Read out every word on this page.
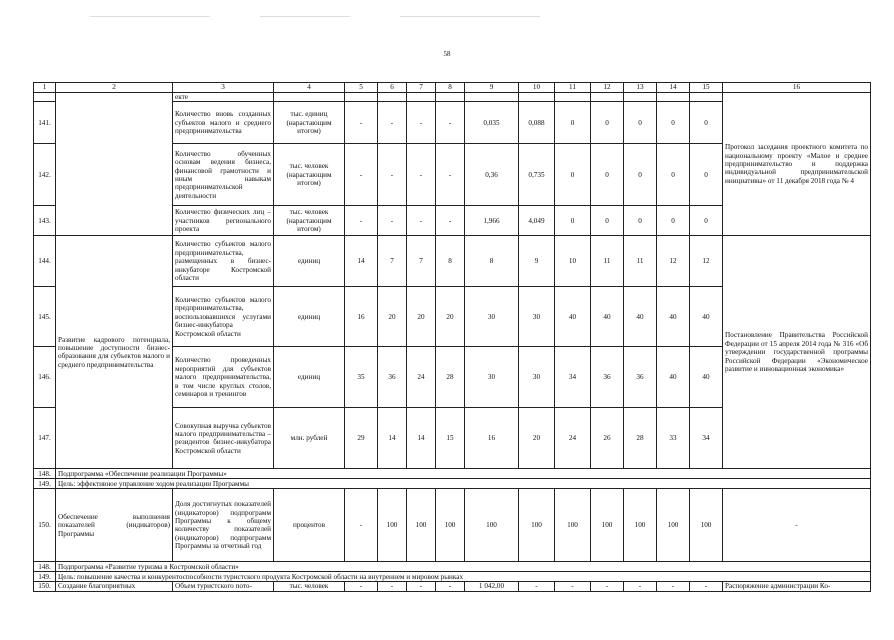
58
1	2	3	4	5	6	7	8	9	10	11	12	13	14	15	16
		екте													Протокол заседания проектного комитета по национальному проекту «Малое и среднее предпринимательство и поддержка индивидуальной предпринимательской инициативы» от 11 декабря 2018 года № 4
141.		Количество вновь созданных субъектов малого и среднего предпринимательства	тыс. единиц (нарастающим итогом)	-	-	-	-	0,035	0,088	0	0	0	0	0	
142.		Количество обученных основам ведения бизнеса, финансовой грамотности и иным навыкам предпринимательской деятельности	тыс. человек (нарастающим итогом)	-	-	-	-	0,36	0,735	0	0	0	0	0	
143.		Количество физических лиц – участников регионального проекта	тыс. человек (нарастающим итогом)	-	-	-	-	1,966	4,049	0	0	0	0	0	
144.	Развитие кадрового потенциала, повышение доступности бизнес-образования для субъектов малого и среднего предпринимательства	Количество субъектов малого предпринимательства, размещенных в бизнес-инкубаторе Костромской области	единиц	14	7	7	8	8	9	10	11	11	12	12	Постановление Правительства Российской Федерации от 15 апреля 2014 года № 316 «Об утверждении государственной программы Российской Федерации «Экономическое развитие и инновационная экономика»
145.		Количество субъектов малого предпринимательства, воспользовавшихся услугами бизнес-инкубатора Костромской области	единиц	16	20	20	20	30	30	40	40	40	40	40	
146.		Количество проведенных мероприятий для субъектов малого предпринимательства, в том числе круглых столов, семинаров и тренингов	единиц	35	36	24	28	30	30	34	36	36	40	40	
147.		Совокупная выручка субъектов малого предпринимательства – резидентов бизнес-инкубатора Костромской области	млн. рублей	29	14	14	15	16	20	24	26	28	33	34	
148.	Подпрограмма «Обеспечение реализации Программы»														
149.	Цель: эффективное управление ходом реализации Программы														
150.	Обеспечение выполнения показателей (индикаторов) Программы	Доля достигнутых показателей (индикаторов) подпрограмм Программы к общему количеству показателей (индикаторов) подпрограмм Программы за отчетный год	процентов	-	100	100	100	100	100	100	100	100	100	100	-
148.	Подпрограмма «Развитие туризма в Костромской области»														
149.	Цель: повышение качества и конкурентоспособности туристского продукта Костромской области на внутреннем и мировом рынках														
150.	Создание благоприятных	Объем туристского пото-	тыс. человек	-	-	-	-	1 042,00	-	-	-	-	-	-	Распоряжение администрации Ко-
